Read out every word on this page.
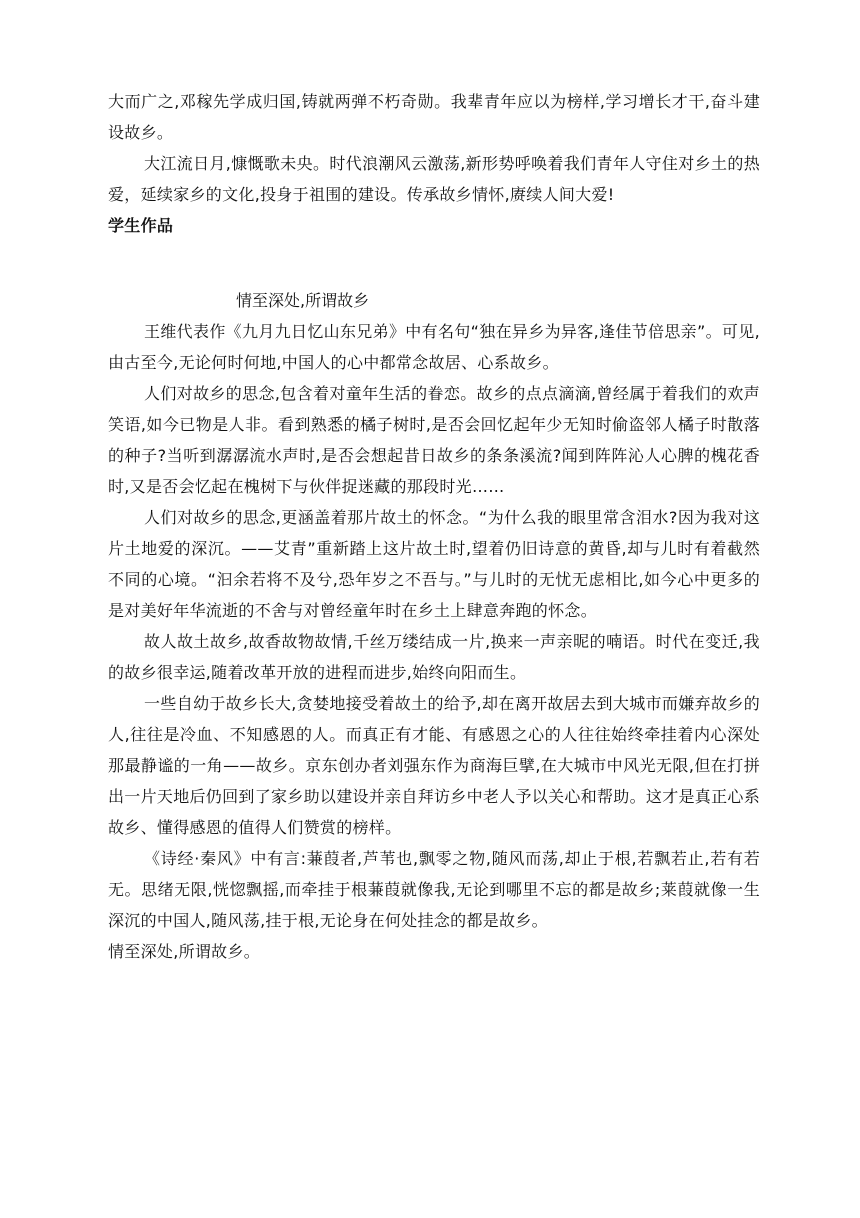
大而广之,邓稼先学成归国,铸就两弹不朽奇勋。我辈青年应以为榜样,学习增长才干,奋斗建设故乡。

大江流日月,慷慨歌未央。时代浪潮风云激荡,新形势呼唤着我们青年人守住对乡土的热爱，延续家乡的文化,投身于祖围的建设。传承故乡情怀,赓续人间大爱!

学生作品

情至深处,所谓故乡

王维代表作《九月九日忆山东兄弟》中有名句“独在异乡为异客,逢佳节倍思亲”。可见,由古至今,无论何时何地,中国人的心中都常念故居、心系故乡。

人们对故乡的思念,包含着对童年生活的眷恋。故乡的点点滴滴,曾经属于着我们的欢声笑语,如今已物是人非。看到熟悉的橘子树时,是否会回忆起年少无知时偷盗邻人橘子时散落的种子?当听到潺潺流水声时,是否会想起昔日故乡的条条溪流?闻到阵阵沁人心脾的槐花香时,又是否会忆起在槐树下与伙伴捉迷藏的那段时光……

人们对故乡的思念,更涵盖着那片故土的怀念。“为什么我的眼里常含泪水?因为我对这片土地爱的深沉。——艾青”重新踏上这片故土时,望着仍旧诗意的黄昏,却与儿时有着截然不同的心境。“汩余若将不及兮,恐年岁之不吾与。”与儿时的无忧无虑相比,如今心中更多的是对美好年华流逝的不舍与对曾经童年时在乡土上肆意奔跑的怀念。

故人故土故乡,故香故物故情,千丝万缕结成一片,换来一声亲昵的喃语。时代在变迁,我的故乡很幸运,随着改革开放的进程而进步,始终向阳而生。

一些自幼于故乡长大,贪婪地接受着故土的给予,却在离开故居去到大城市而嫌弃故乡的人,往往是冷血、不知感恩的人。而真正有才能、有感恩之心的人往往始终牵挂着内心深处那最静谧的一角——故乡。京东创办者刘强东作为商海巨擘,在大城市中风光无限,但在打拼出一片天地后仍回到了家乡助以建设并亲自拜访乡中老人予以关心和帮助。这才是真正心系故乡、懂得感恩的值得人们赞赏的榜样。

《诗经·秦风》中有言:蒹葭者,芦苇也,飘零之物,随风而荡,却止于根,若飘若止,若有若无。思绪无限,恍惚飘摇,而牵挂于根蒹葭就像我,无论到哪里不忘的都是故乡;莱葭就像一生深沉的中国人,随风荡,挂于根,无论身在何处挂念的都是故乡。

情至深处,所谓故乡。
